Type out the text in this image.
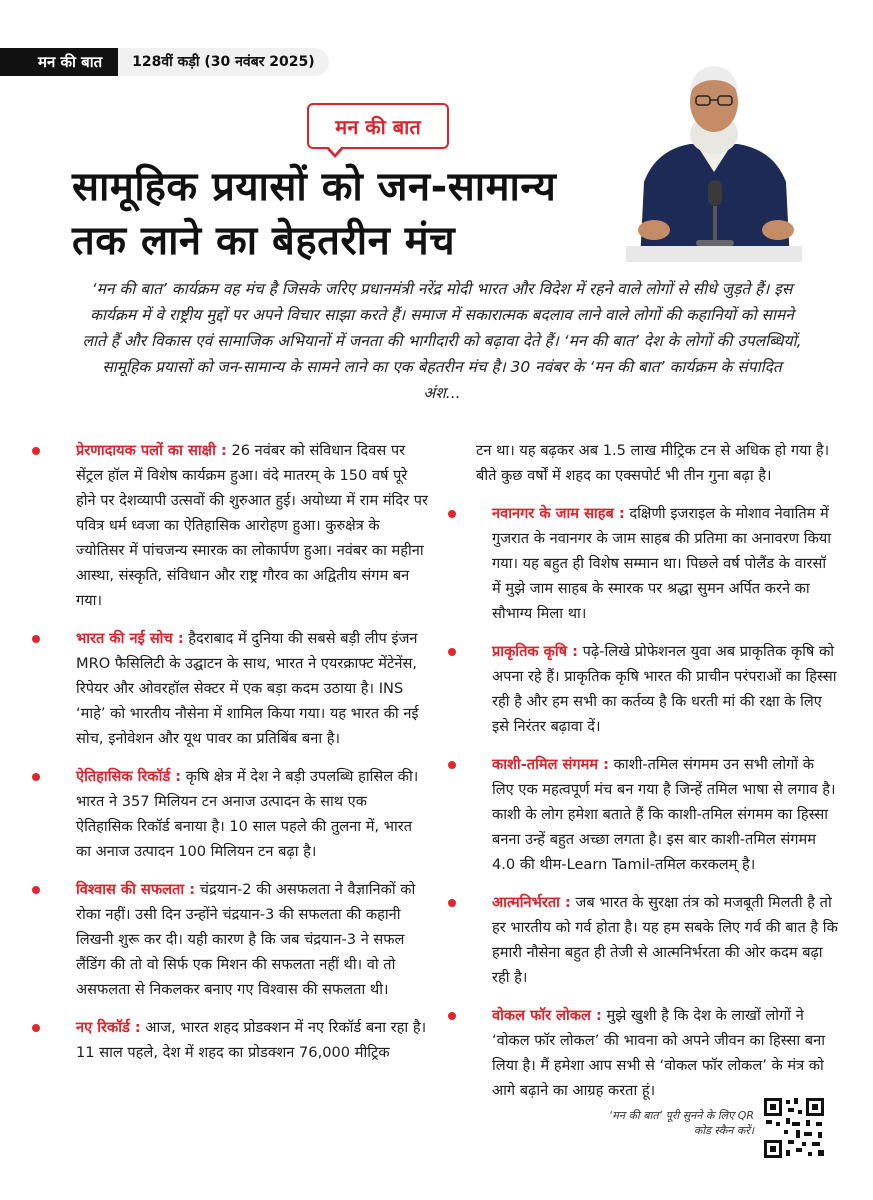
मन की बात	128वीं कड़ी (30 नवंबर 2025)
मन की बात
सामूहिक प्रयासों को जन-सामान्य
तक लाने का बेहतरीन मंच
‘मन की बात’ कार्यक्रम वह मंच है जिसके जरिए प्रधानमंत्री नरेंद्र मोदी भारत और विदेश में रहने वाले लोगों से सीधे जुड़ते हैं। इस कार्यक्रम में वे राष्ट्रीय मुद्दों पर अपने विचार साझा करते हैं। समाज में सकारात्मक बदलाव लाने वाले लोगों की कहानियों को सामने लाते हैं और विकास एवं सामाजिक अभियानों में जनता की भागीदारी को बढ़ावा देते हैं। ‘मन की बात’ देश के लोगों की उपलब्धियों, सामूहिक प्रयासों को जन-सामान्य के सामने लाने का एक बेहतरीन मंच है। 30 नवंबर के ‘मन की बात’ कार्यक्रम के संपादित अंश...
प्रेरणादायक पलों का साक्षी : 26 नवंबर को संविधान दिवस पर सेंट्रल हॉल में विशेष कार्यक्रम हुआ। वंदे मातरम् के 150 वर्ष पूरे होने पर देशव्यापी उत्सवों की शुरुआत हुई। अयोध्या में राम मंदिर पर पवित्र धर्म ध्वजा का ऐतिहासिक आरोहण हुआ। कुरुक्षेत्र के ज्योतिसर में पांचजन्य स्मारक का लोकार्पण हुआ। नवंबर का महीना आस्था, संस्कृति, संविधान और राष्ट्र गौरव का अद्वितीय संगम बन गया।
भारत की नई सोच : हैदराबाद में दुनिया की सबसे बड़ी लीप इंजन MRO फैसिलिटी के उद्घाटन के साथ, भारत ने एयरक्राफ्ट मेंटेनेंस, रिपेयर और ओवरहॉल सेक्टर में एक बड़ा कदम उठाया है। INS ‘माहे’ को भारतीय नौसेना में शामिल किया गया। यह भारत की नई सोच, इनोवेशन और यूथ पावर का प्रतिबिंब बना है।
ऐतिहासिक रिकॉर्ड : कृषि क्षेत्र में देश ने बड़ी उपलब्धि हासिल की। भारत ने 357 मिलियन टन अनाज उत्पादन के साथ एक ऐतिहासिक रिकॉर्ड बनाया है। 10 साल पहले की तुलना में, भारत का अनाज उत्पादन 100 मिलियन टन बढ़ा है।
विश्वास की सफलता : चंद्रयान-2 की असफलता ने वैज्ञानिकों को रोका नहीं। उसी दिन उन्होंने चंद्रयान-3 की सफलता की कहानी लिखनी शुरू कर दी। यही कारण है कि जब चंद्रयान-3 ने सफल लैंडिंग की तो वो सिर्फ एक मिशन की सफलता नहीं थी। वो तो असफलता से निकलकर बनाए गए विश्वास की सफलता थी।
नए रिकॉर्ड : आज, भारत शहद प्रोडक्शन में नए रिकॉर्ड बना रहा है। 11 साल पहले, देश में शहद का प्रोडक्शन 76,000 मीट्रिक
टन था। यह बढ़कर अब 1.5 लाख मीट्रिक टन से अधिक हो गया है। बीते कुछ वर्षों में शहद का एक्सपोर्ट भी तीन गुना बढ़ा है।
नवानगर के जाम साहब : दक्षिणी इजराइल के मोशाव नेवातिम में गुजरात के नवानगर के जाम साहब की प्रतिमा का अनावरण किया गया। यह बहुत ही विशेष सम्मान था। पिछले वर्ष पोलैंड के वारसॉ में मुझे जाम साहब के स्मारक पर श्रद्धा सुमन अर्पित करने का सौभाग्य मिला था।
प्राकृतिक कृषि : पढ़े-लिखे प्रोफेशनल युवा अब प्राकृतिक कृषि को अपना रहे हैं। प्राकृतिक कृषि भारत की प्राचीन परंपराओं का हिस्सा रही है और हम सभी का कर्तव्य है कि धरती मां की रक्षा के लिए इसे निरंतर बढ़ावा दें।
काशी-तमिल संगमम : काशी-तमिल संगमम उन सभी लोगों के लिए एक महत्वपूर्ण मंच बन गया है जिन्हें तमिल भाषा से लगाव है। काशी के लोग हमेशा बताते हैं कि काशी-तमिल संगमम का हिस्सा बनना उन्हें बहुत अच्छा लगता है। इस बार काशी-तमिल संगमम 4.0 की थीम-Learn Tamil-तमिल करकलम् है।
आत्मनिर्भरता : जब भारत के सुरक्षा तंत्र को मजबूती मिलती है तो हर भारतीय को गर्व होता है। यह हम सबके लिए गर्व की बात है कि हमारी नौसेना बहुत ही तेजी से आत्मनिर्भरता की ओर कदम बढ़ा रही है।
वोकल फॉर लोकल : मुझे खुशी है कि देश के लाखों लोगों ने ‘वोकल फॉर लोकल’ की भावना को अपने जीवन का हिस्सा बना लिया है। मैं हमेशा आप सभी से ‘वोकल फॉर लोकल’ के मंत्र को आगे बढ़ाने का आग्रह करता हूं।
‘मन की बात’ पूरी सुनने के लिए QR कोड स्कैन करें।
